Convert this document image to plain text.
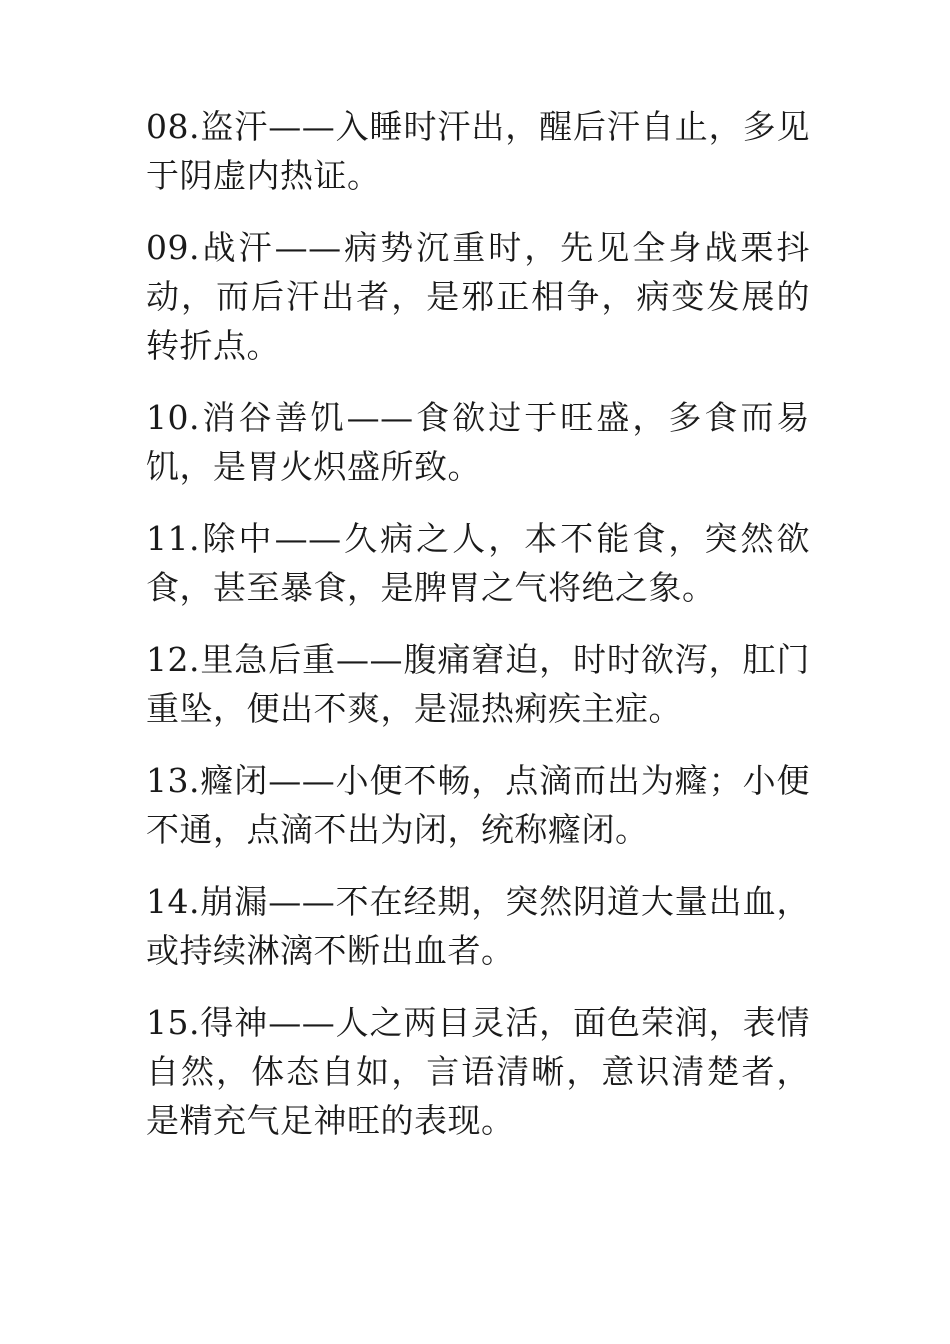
08.盗汗——入睡时汗出，醒后汗自止，多见于阴虚内热证。

09.战汗——病势沉重时，先见全身战栗抖动，而后汗出者，是邪正相争，病变发展的转折点。

10.消谷善饥——食欲过于旺盛，多食而易饥，是胃火炽盛所致。

11.除中——久病之人，本不能食，突然欲食，甚至暴食，是脾胃之气将绝之象。

12.里急后重——腹痛窘迫，时时欲泻，肛门重坠，便出不爽，是湿热痢疾主症。

13.癃闭——小便不畅，点滴而出为癃；小便不通，点滴不出为闭，统称癃闭。

14.崩漏——不在经期，突然阴道大量出血，或持续淋漓不断出血者。

15.得神——人之两目灵活，面色荣润，表情自然，体态自如，言语清晰，意识清楚者，是精充气足神旺的表现。
